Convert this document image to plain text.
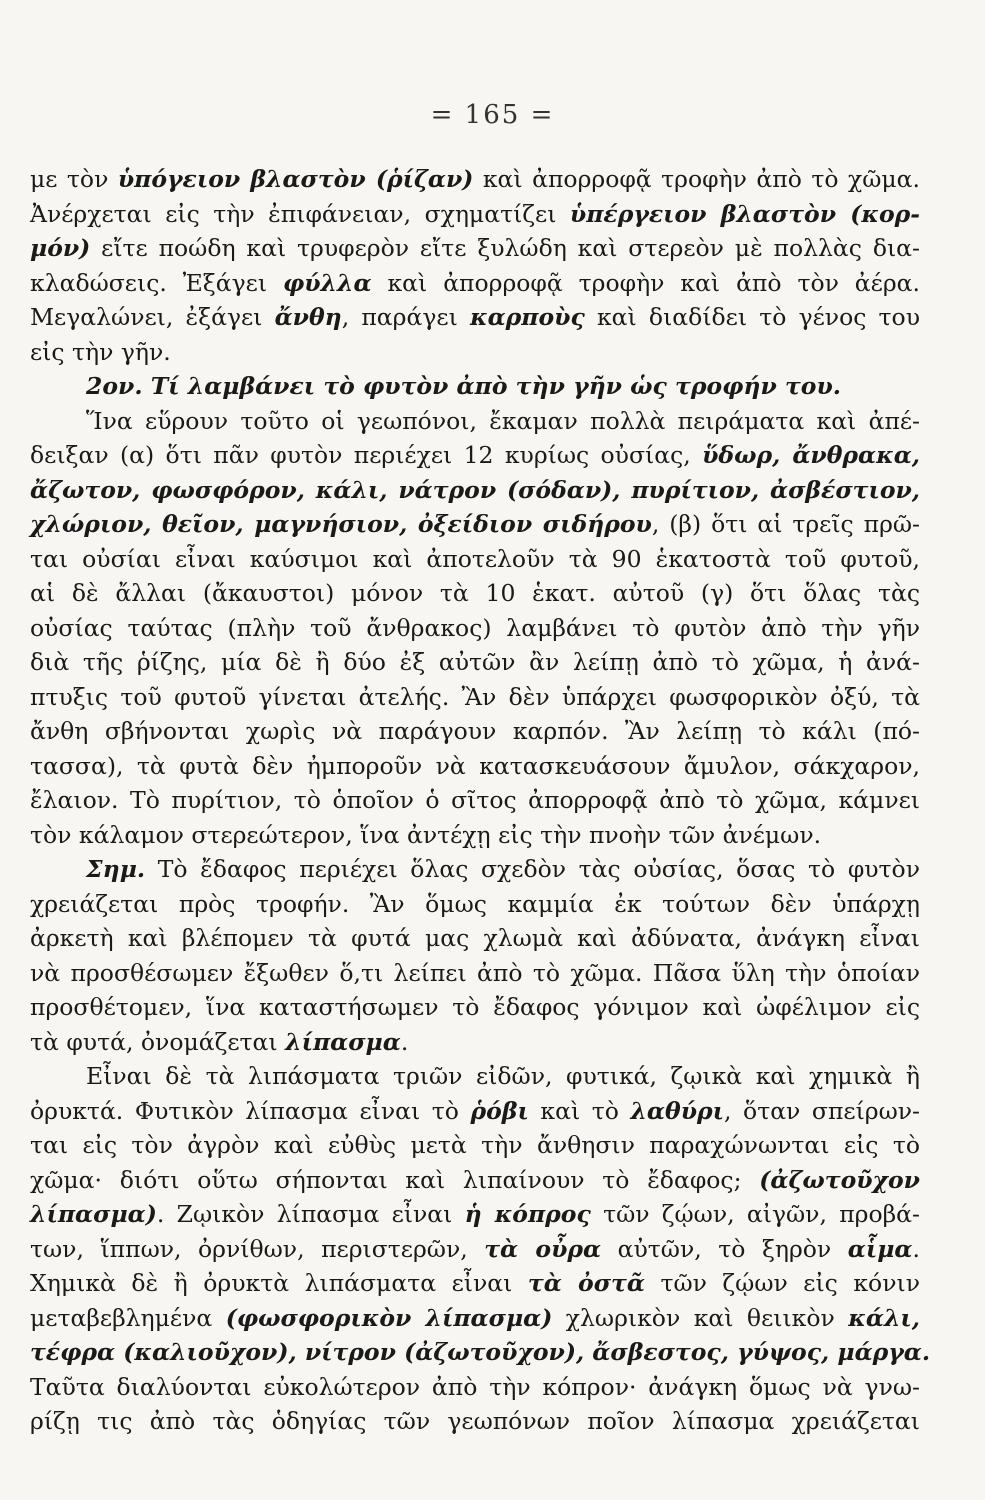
= 165 =
με τὸν ὑπόγειον βλαστὸν (ῥίζαν) καὶ ἀπορροφᾷ τροφὴν ἀπὸ τὸ χῶμα.
Ἀνέρχεται εἰς τὴν ἐπιφάνειαν, σχηματίζει ὑπέργειον βλαστὸν (κορ-
μόν) εἴτε ποώδη καὶ τρυφερὸν εἴτε ξυλώδη καὶ στερεὸν μὲ πολλὰς δια-
κλαδώσεις. Ἐξάγει φύλλα καὶ ἀπορροφᾷ τροφὴν καὶ ἀπὸ τὸν ἀέρα.
Μεγαλώνει, ἐξάγει ἄνθη, παράγει καρποὺς καὶ διαδίδει τὸ γένος του
εἰς τὴν γῆν.
2ον. Τί λαμβάνει τὸ φυτὸν ἀπὸ τὴν γῆν ὡς τροφήν του.
Ἵνα εὕρουν τοῦτο οἱ γεωπόνοι, ἔκαμαν πολλὰ πειράματα καὶ ἀπέ-
δειξαν (α) ὅτι πᾶν φυτὸν περιέχει 12 κυρίως οὐσίας, ὕδωρ, ἄνθρακα,
ἄζωτον, φωσφόρον, κάλι, νάτρον (σόδαν), πυρίτιον, ἀσβέστιον,
χλώριον, θεῖον, μαγνήσιον, ὀξείδιον σιδήρου, (β) ὅτι αἱ τρεῖς πρῶ-
ται οὐσίαι εἶναι καύσιμοι καὶ ἀποτελοῦν τὰ 90 ἑκατοστὰ τοῦ φυτοῦ,
αἱ δὲ ἄλλαι (ἄκαυστοι) μόνον τὰ 10 ἑκατ. αὐτοῦ (γ) ὅτι ὅλας τὰς
οὐσίας ταύτας (πλὴν τοῦ ἄνθρακος) λαμβάνει τὸ φυτὸν ἀπὸ τὴν γῆν
διὰ τῆς ῥίζης, μία δὲ ἢ δύο ἐξ αὐτῶν ἂν λείπῃ ἀπὸ τὸ χῶμα, ἡ ἀνά-
πτυξις τοῦ φυτοῦ γίνεται ἀτελής. Ἂν δὲν ὑπάρχει φωσφορικὸν ὀξύ, τὰ
ἄνθη σβήνονται χωρὶς νὰ παράγουν καρπόν. Ἂν λείπῃ τὸ κάλι (πό-
τασσα), τὰ φυτὰ δὲν ἠμποροῦν νὰ κατασκευάσουν ἄμυλον, σάκχαρον,
ἔλαιον. Τὸ πυρίτιον, τὸ ὁποῖον ὁ σῖτος ἀπορροφᾷ ἀπὸ τὸ χῶμα, κάμνει
τὸν κάλαμον στερεώτερον, ἵνα ἀντέχῃ εἰς τὴν πνοὴν τῶν ἀνέμων.
Σημ. Τὸ ἔδαφος περιέχει ὅλας σχεδὸν τὰς οὐσίας, ὅσας τὸ φυτὸν
χρειάζεται πρὸς τροφήν. Ἂν ὅμως καμμία ἐκ τούτων δὲν ὑπάρχῃ
ἀρκετὴ καὶ βλέπομεν τὰ φυτά μας χλωμὰ καὶ ἀδύνατα, ἀνάγκη εἶναι
νὰ προσθέσωμεν ἔξωθεν ὅ,τι λείπει ἀπὸ τὸ χῶμα. Πᾶσα ὕλη τὴν ὁποίαν
προσθέτομεν, ἵνα καταστήσωμεν τὸ ἔδαφος γόνιμον καὶ ὠφέλιμον εἰς
τὰ φυτά, ὀνομάζεται λίπασμα.
Εἶναι δὲ τὰ λιπάσματα τριῶν εἰδῶν, φυτικά, ζῳικὰ καὶ χημικὰ ἢ
ὀρυκτά. Φυτικὸν λίπασμα εἶναι τὸ ῥόβι καὶ τὸ λαθύρι, ὅταν σπείρων-
ται εἰς τὸν ἀγρὸν καὶ εὐθὺς μετὰ τὴν ἄνθησιν παραχώνωνται εἰς τὸ
χῶμα· διότι οὕτω σήπονται καὶ λιπαίνουν τὸ ἔδαφος; (ἀζωτοῦχον
λίπασμα). Ζῳικὸν λίπασμα εἶναι ἡ κόπρος τῶν ζῴων, αἰγῶν, προβά-
των, ἵππων, ὀρνίθων, περιστερῶν, τὰ οὖρα αὐτῶν, τὸ ξηρὸν αἷμα.
Χημικὰ δὲ ἢ ὀρυκτὰ λιπάσματα εἶναι τὰ ὀστᾶ τῶν ζῴων εἰς κόνιν
μεταβεβλημένα (φωσφορικὸν λίπασμα) χλωρικὸν καὶ θειικὸν κάλι,
τέφρα (καλιοῦχον), νίτρον (ἀζωτοῦχον), ἄσβεστος, γύψος, μάργα.
Ταῦτα διαλύονται εὐκολώτερον ἀπὸ τὴν κόπρον· ἀνάγκη ὅμως νὰ γνω-
ρίζῃ τις ἀπὸ τὰς ὁδηγίας τῶν γεωπόνων ποῖον λίπασμα χρειάζεται
